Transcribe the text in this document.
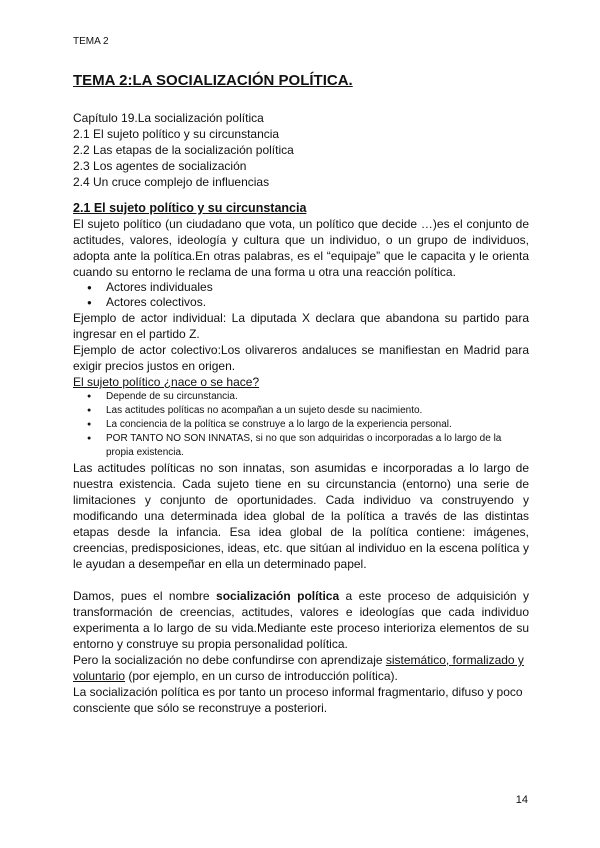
TEMA 2
TEMA 2:LA SOCIALIZACIÓN POLÍTICA.
Capítulo 19.La socialización política
2.1 El sujeto político y su circunstancia
2.2 Las etapas de la socialización política
2.3 Los agentes de socialización
2.4 Un cruce complejo de influencias
2.1 El sujeto político y su circunstancia

El sujeto político (un ciudadano que vota, un político que decide …)es el conjunto de actitudes, valores, ideología y cultura que un individuo, o un grupo de individuos, adopta ante la política.En otras palabras, es el “equipaje” que le capacita y le orienta cuando su entorno le reclama de una forma u otra una reacción política.

● Actores individuales
● Actores colectivos.

Ejemplo de actor individual: La diputada X declara que abandona su partido para ingresar en el partido Z.

Ejemplo de actor colectivo:Los olivareros andaluces se manifiestan en Madrid para exigir precios justos en origen.

El sujeto político ¿nace o se hace?
● Depende de su circunstancia.
● Las actitudes políticas no acompañan a un sujeto desde su nacimiento.
● La conciencia de la política se construye a lo largo de la experiencia personal.
● POR TANTO NO SON INNATAS, si no que son adquiridas o incorporadas a lo largo de la propia existencia.

Las actitudes políticas no son innatas, son asumidas e incorporadas a lo largo de nuestra existencia. Cada sujeto tiene en su circunstancia (entorno) una serie de limitaciones y conjunto de oportunidades. Cada individuo va construyendo y modificando una determinada idea global de la política a través de las distintas etapas desde la infancia. Esa idea global de la política contiene: imágenes, creencias, predisposiciones, ideas, etc. que sitúan al individuo en la escena política y le ayudan a desempeñar en ella un determinado papel.

Damos, pues el nombre socialización política a este proceso de adquisición y transformación de creencias, actitudes, valores e ideologías que cada individuo experimenta a lo largo de su vida.Mediante este proceso interioriza elementos de su entorno y construye su propia personalidad política.

Pero la socialización no debe confundirse con aprendizaje sistemático, formalizado y voluntario (por ejemplo, en un curso de introducción política).

La socialización política es por tanto un proceso informal fragmentario, difuso y poco consciente que sólo se reconstruye a posteriori.

14
